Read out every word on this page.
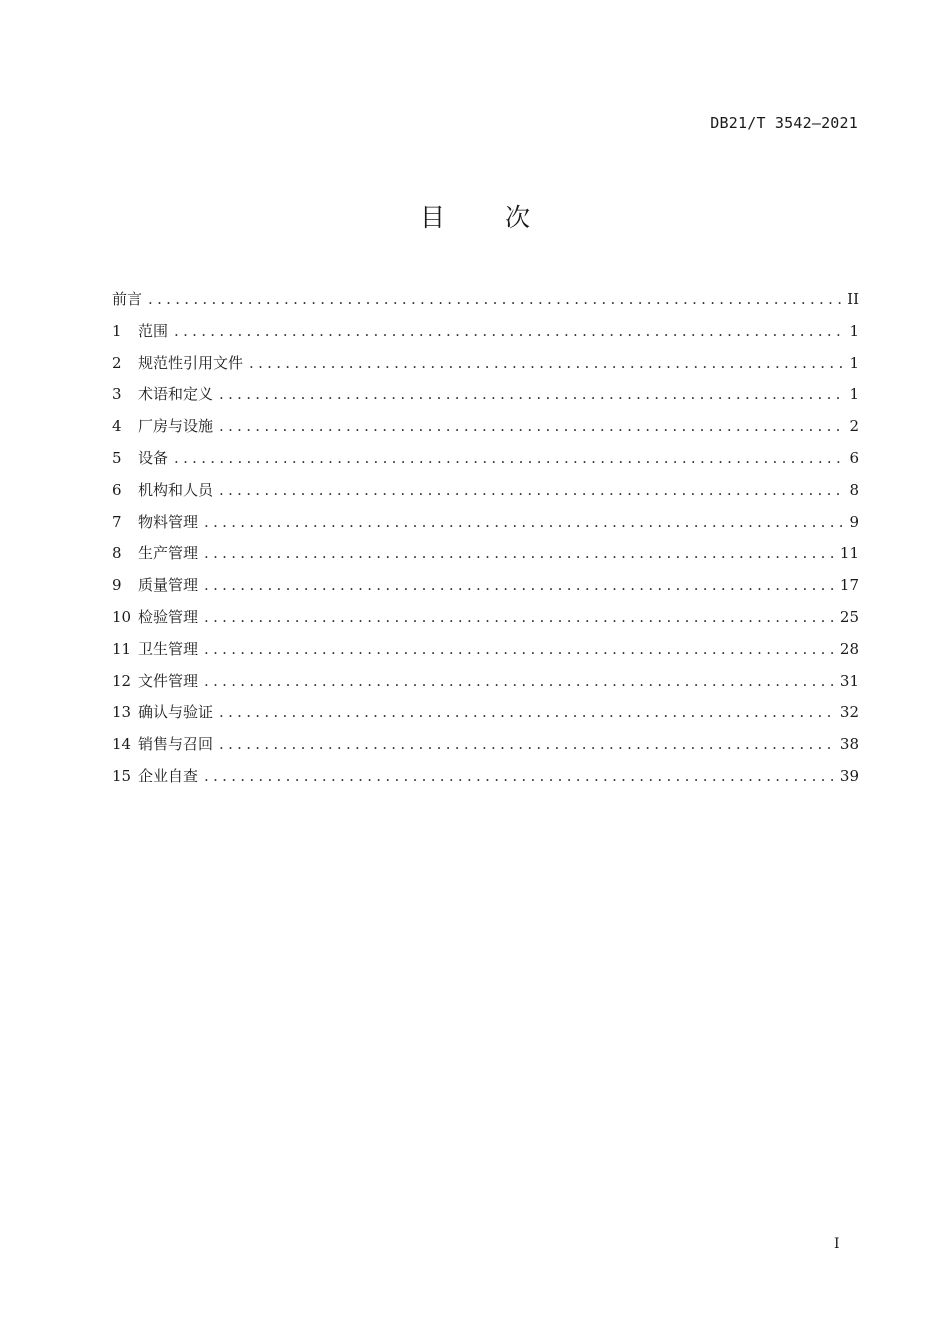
DB21/T 3542—2021
目次
前言 .....	II
1	范围 .....	1
2	规范性引用文件 .....	1
3	术语和定义 .....	1
4	厂房与设施 .....	2
5	设备 .....	6
6	机构和人员 .....	8
7	物料管理 .....	9
8	生产管理 .....	11
9	质量管理 .....	17
10 检验管理 .....	25
11 卫生管理 .....	28
12 文件管理 .....	31
13 确认与验证 .....	32
14 销售与召回 .....	38
15 企业自查 .....	39
I
